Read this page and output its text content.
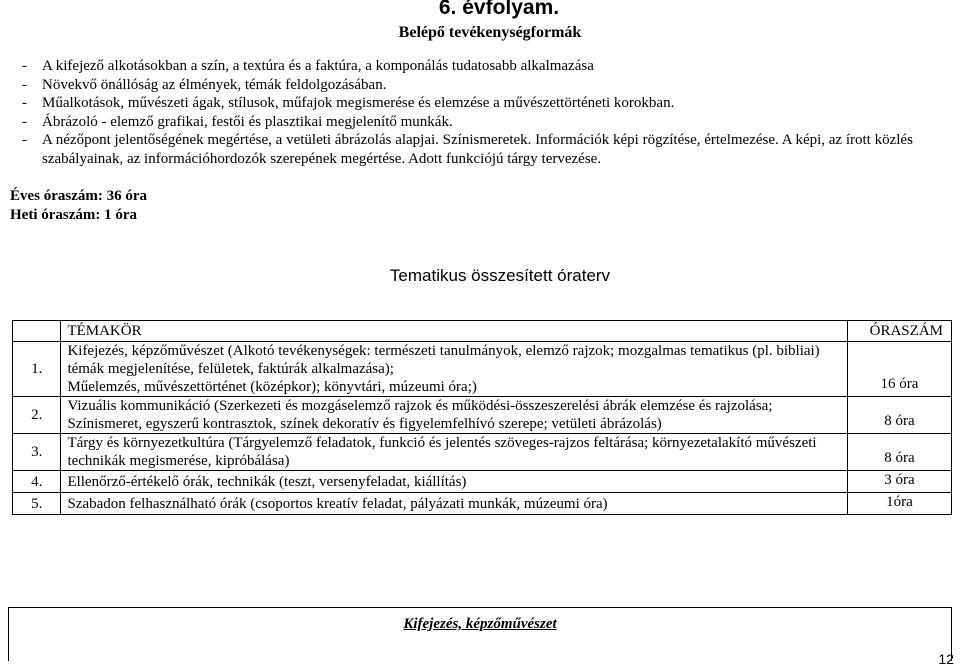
6. évfolyam.
Belépő tevékenységformák
- A kifejező alkotásokban a szín, a textúra és a faktúra, a komponálás tudatosabb alkalmazása
- Növekvő önállóság az élmények, témák feldolgozásában.
- Műalkotások, művészeti ágak, stílusok, műfajok megismerése és elemzése a művészettörténeti korokban.
- Ábrázoló - elemző grafikai, festői és plasztikai megjelenítő munkák.
- A nézőpont jelentőségének megértése, a vetületi ábrázolás alapjai. Színismeretek. Információk képi rögzítése, értelmezése. A képi, az írott közlés szabályainak, az információhordozók szerepének megértése. Adott funkciójú tárgy tervezése.
Éves óraszám: 36 óra
Heti óraszám: 1 óra
Tematikus összesített óraterv
	TÉMAKÖR	ÓRASZÁM
1.	Kifejezés, képzőművészet (Alkotó tevékenységek: természeti tanulmányok, elemző rajzok; mozgalmas tematikus (pl. bibliai) témák megjelenítése, felületek, faktúrák alkalmazása);
Műelemzés, művészettörténet (középkor); könyvtári, múzeumi óra;)	16 óra
2.	Vizuális kommunikáció (Szerkezeti és mozgáselemző rajzok és működési-összeszerelési ábrák elemzése és rajzolása; Színismeret, egyszerű kontrasztok, színek dekoratív és figyelemfelhívó szerepe; vetületi ábrázolás)	8 óra
3.	Tárgy és környezetkultúra (Tárgyelemző feladatok, funkció és jelentés szöveges-rajzos feltárása; környezetalakító művészeti technikák megismerése, kipróbálása)	8 óra
4.	Ellenőrző-értékelő órák, technikák (teszt, versenyfeladat, kiállítás)	3 óra
5.	Szabadon felhasználható órák (csoportos kreatív feladat, pályázati munkák, múzeumi óra)	1óra
Kifejezés, képzőművészet
12
